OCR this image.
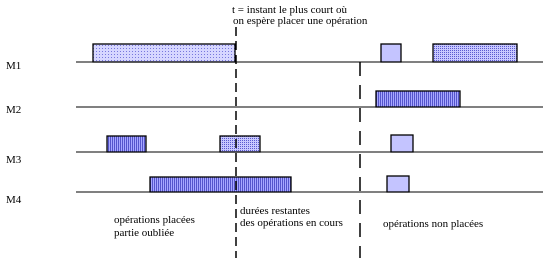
M1
M2
M3
M4
t = instant le plus court où
on espère placer une opération
opérations placées
partie oubliée
durées restantes
des opérations en cours	opérations non placées
